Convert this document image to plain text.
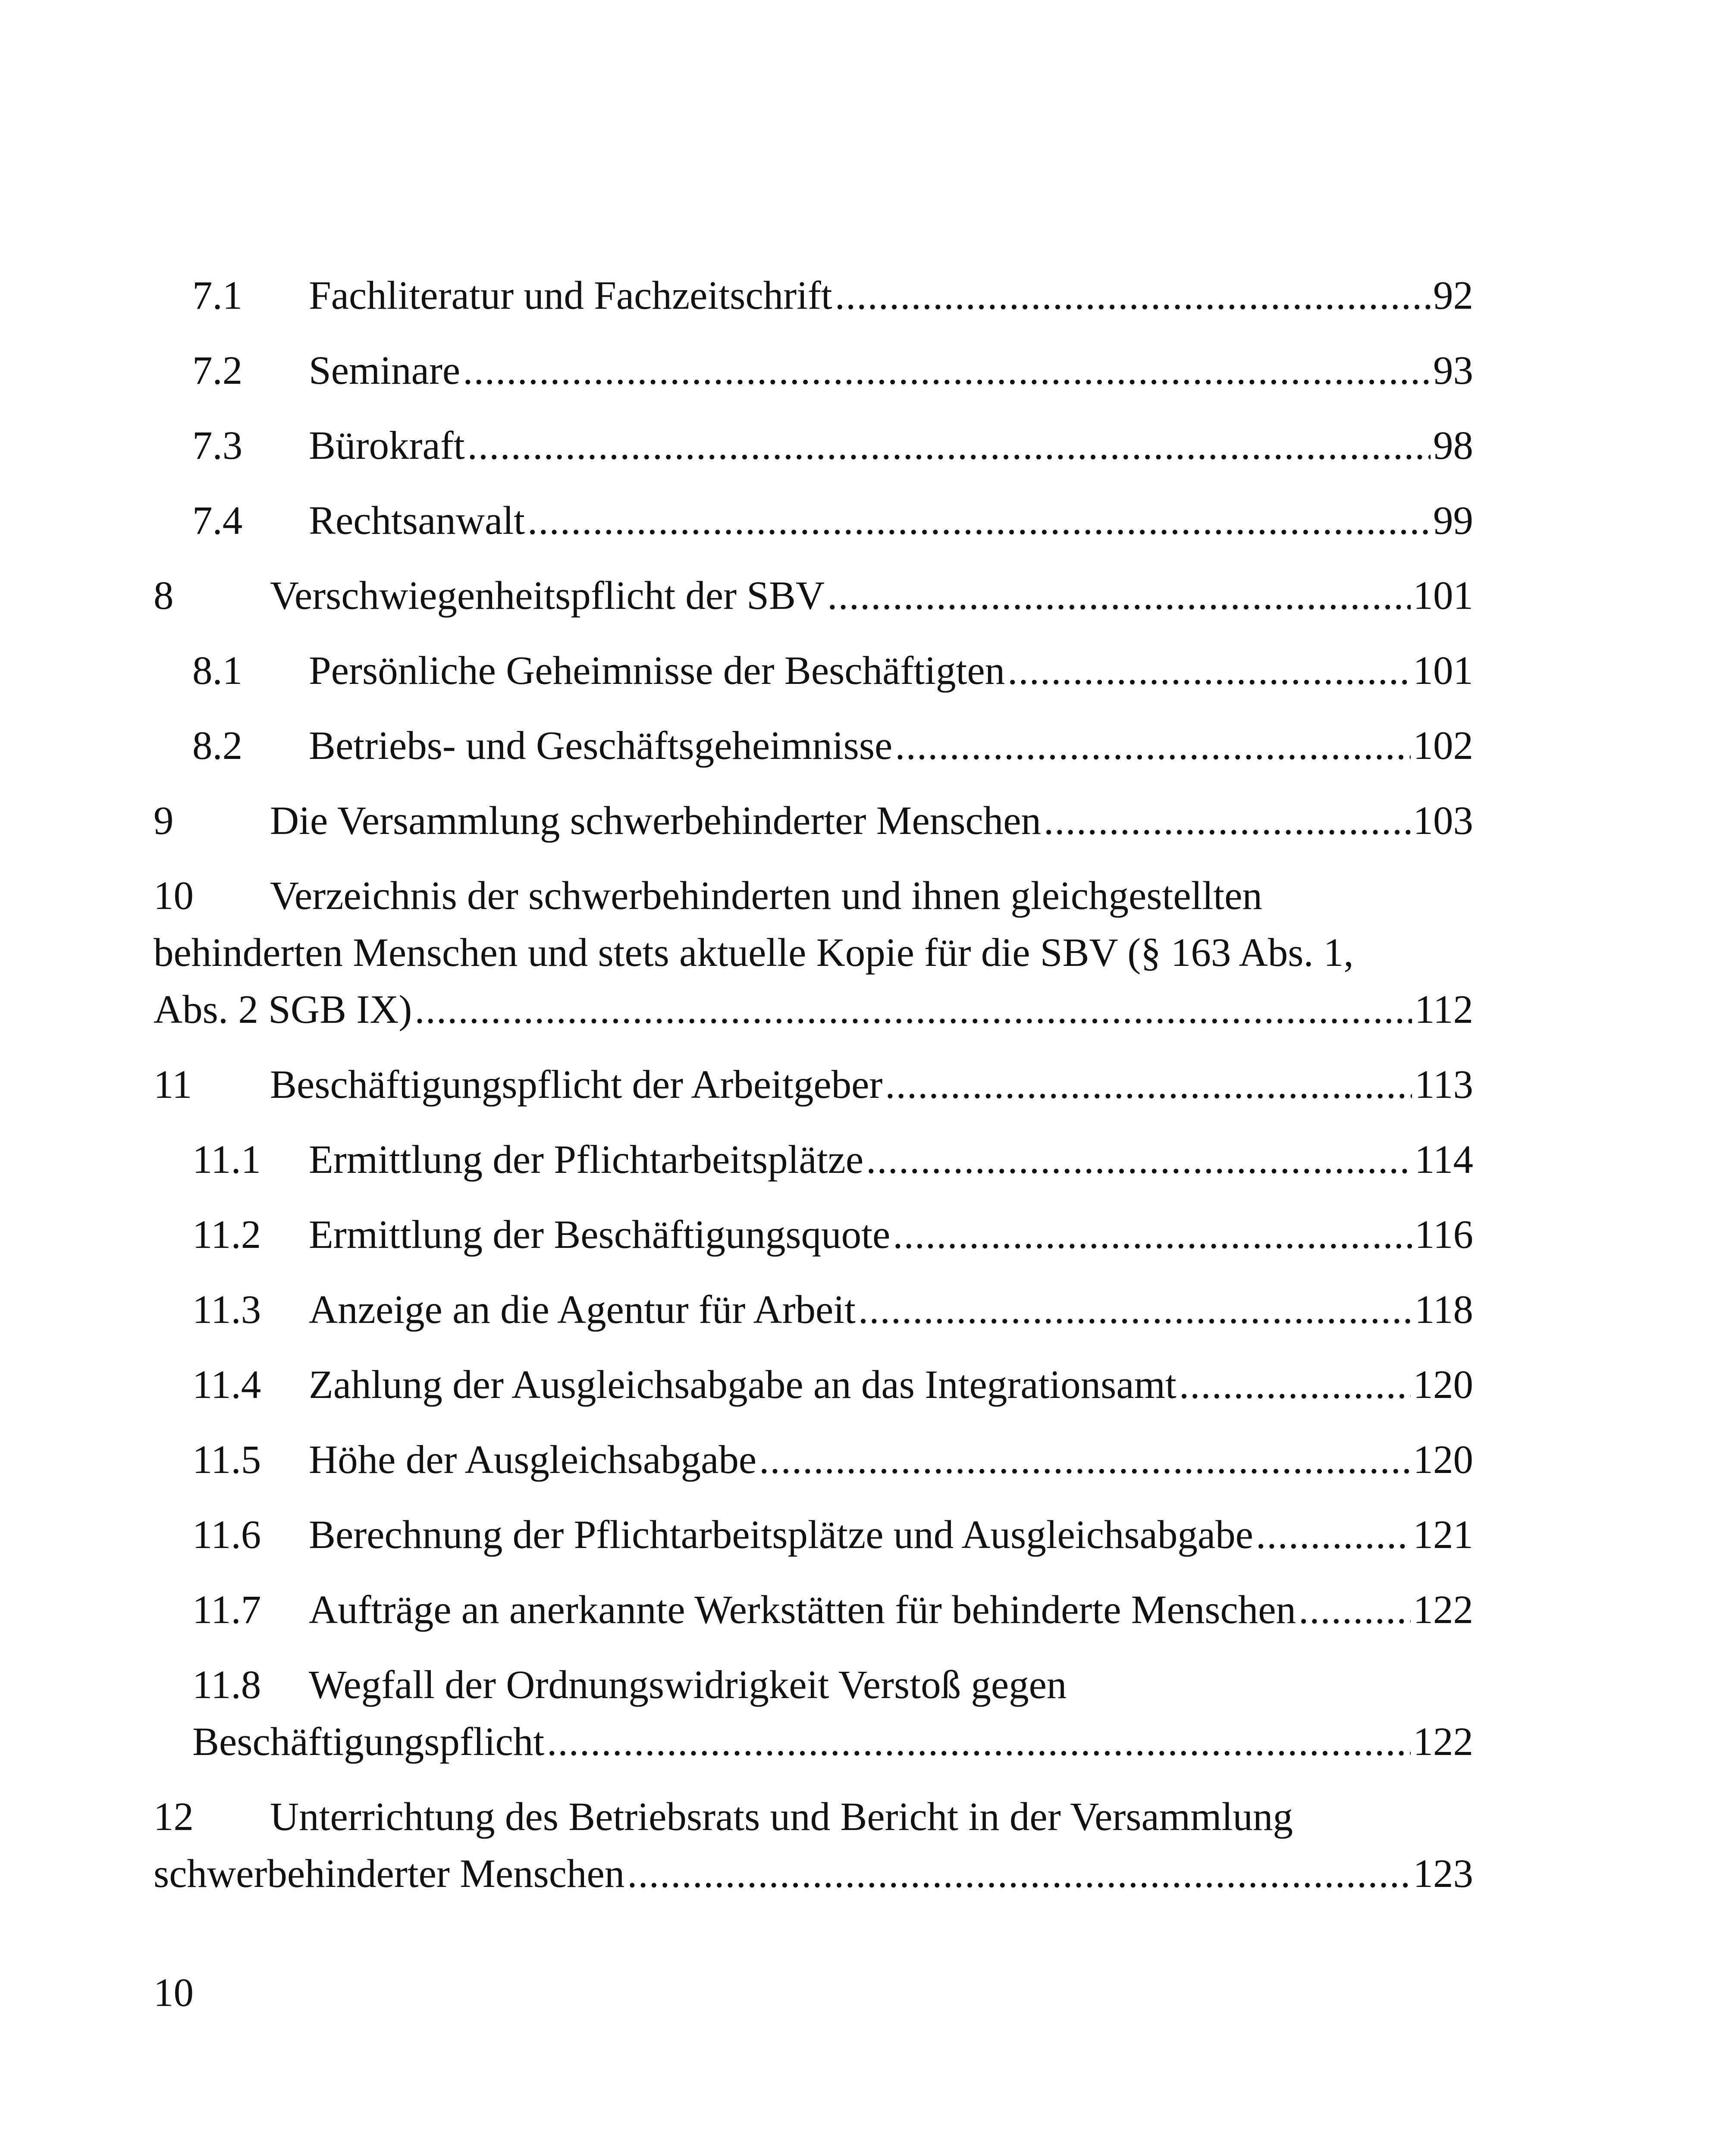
7.1	Fachliteratur und Fachzeitschrift .....	92
7.2	Seminare .....	93
7.3	Bürokraft .....	98
7.4	Rechtsanwalt .....	99
8	Verschwiegenheitspflicht der SBV .....	101
8.1	Persönliche Geheimnisse der Beschäftigten .....	101
8.2	Betriebs- und Geschäftsgeheimnisse .....	102
9	Die Versammlung schwerbehinderter Menschen .....	103
10 Verzeichnis der schwerbehinderten und ihnen gleichgestellten
behinderten Menschen und stets aktuelle Kopie für die SBV (§ 163 Abs. 1,
Abs. 2 SGB IX) .....	112
11	Beschäftigungspflicht der Arbeitgeber .....	113
11.1	Ermittlung der Pflichtarbeitsplätze .....	114
11.2	Ermittlung der Beschäftigungsquote .....	116
11.3	Anzeige an die Agentur für Arbeit .....	118
11.4	Zahlung der Ausgleichsabgabe an das Integrationsamt .....	120
11.5	Höhe der Ausgleichsabgabe .....	120
11.6	Berechnung der Pflichtarbeitsplätze und Ausgleichsabgabe .....	121
11.7	Aufträge an anerkannte Werkstätten für behinderte Menschen .....	122
11.8 Wegfall der Ordnungswidrigkeit Verstoß gegen
Beschäftigungspflicht .....	122
12 Unterrichtung des Betriebsrats und Bericht in der Versammlung
schwerbehinderter Menschen .....	123
10
